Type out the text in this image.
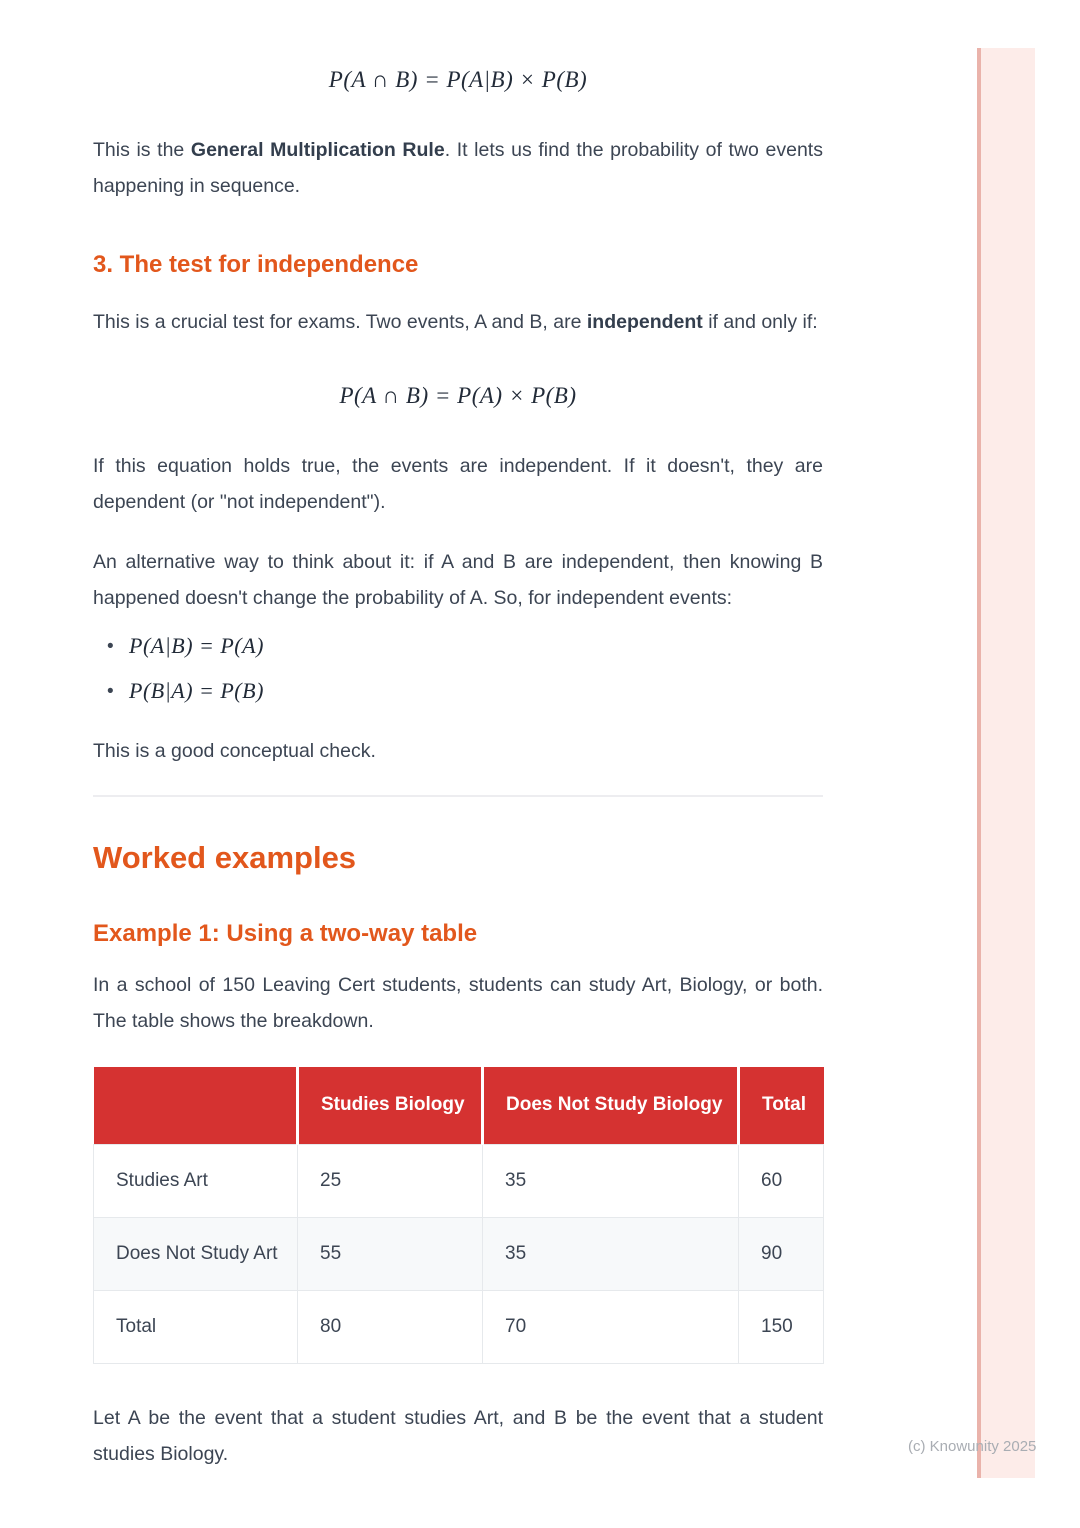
(c) Knowunity 2025
P(A ∩ B) = P(A|B) × P(B)

This is the General Multiplication Rule. It lets us find the probability of two events happening in sequence.

3. The test for independence

This is a crucial test for exams. Two events, A and B, are independent if and only if:

P(A ∩ B) = P(A) × P(B)

If this equation holds true, the events are independent. If it doesn't, they are dependent (or "not independent").

An alternative way to think about it: if A and B are independent, then knowing B happened doesn't change the probability of A. So, for independent events:

• P(A|B) = P(A)
• P(B|A) = P(B)

This is a good conceptual check.

Worked examples
Example 1: Using a two-way table

In a school of 150 Leaving Cert students, students can study Art, Biology, or both. The table shows the breakdown.

	Studies Biology	Does Not Study Biology	Total
Studies Art	25	35	60
Does Not Study Art	55	35	90
Total	80	70	150

Let A be the event that a student studies Art, and B be the event that a student studies Biology.
